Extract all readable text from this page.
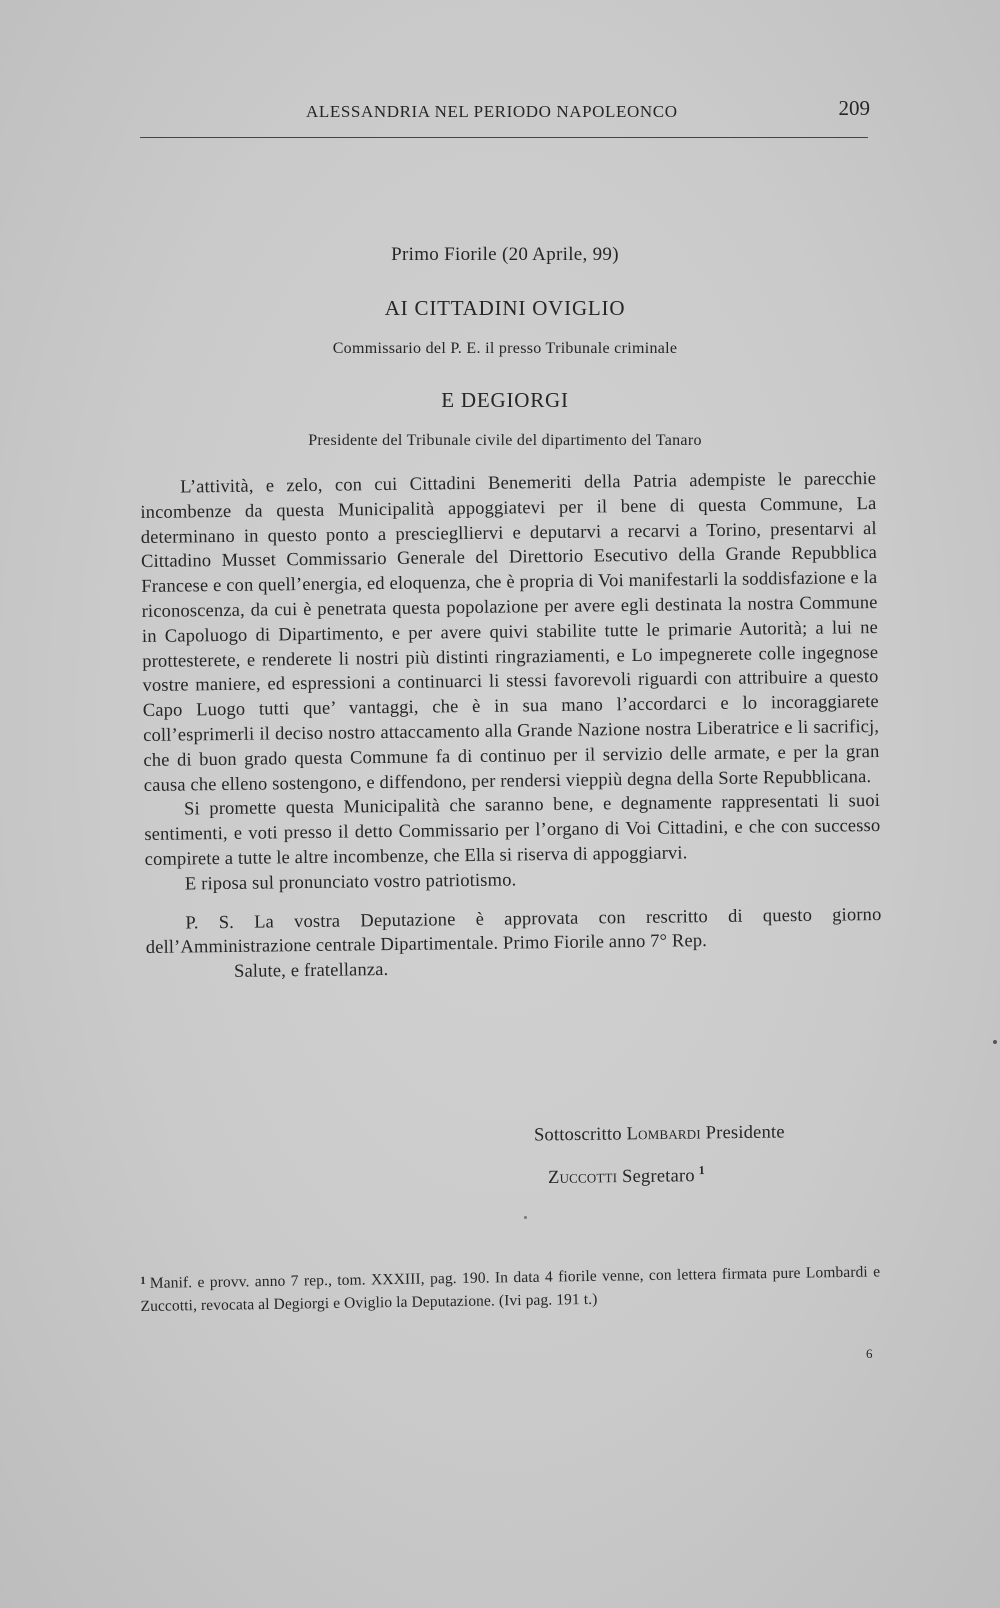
ALESSANDRIA NEL PERIODO NAPOLEONCO	209
Primo Fiorile (20 Aprile, 99)
AI CITTADINI OVIGLIO
Commissario del P. E. il presso Tribunale criminale
E DEGIORGI
Presidente del Tribunale civile del dipartimento del Tanaro

L’attività, e zelo, con cui Cittadini Benemeriti della Patria adempiste le parecchie incombenze da questa Municipalità appoggiatevi per il bene di questa Commune, La determinano in questo ponto a prescieglliervi e deputarvi a recarvi a Torino, presentarvi al Cittadino Musset Commissario Generale del Direttorio Esecutivo della Grande Repubblica Francese e con quell’energia, ed eloquenza, che è propria di Voi manifestarli la soddisfazione e la riconoscenza, da cui è penetrata questa popolazione per avere egli destinata la nostra Commune in Capoluogo di Dipartimento, e per avere quivi stabilite tutte le primarie Autorità; a lui ne prottesterete, e renderete li nostri più distinti ringraziamenti, e Lo impegnerete colle ingegnose vostre maniere, ed espressioni a continuarci li stessi favorevoli riguardi con attribuire a questo Capo Luogo tutti que’ vantaggi, che è in sua mano l’accordarci e lo incoraggiarete coll’esprimerli il deciso nostro attaccamento alla Grande Nazione nostra Liberatrice e li sacrificj, che di buon grado questa Commune fa di continuo per il servizio delle armate, e per la gran causa che elleno sostengono, e diffendono, per rendersi vieppiù degna della Sorte Repubblicana.

Si promette questa Municipalità che saranno bene, e degnamente rappresentati li suoi sentimenti, e voti presso il detto Commissario per l’organo di Voi Cittadini, e che con successo compirete a tutte le altre incombenze, che Ella si riserva di appoggiarvi.

E riposa sul pronunciato vostro patriotismo.

P. S. La vostra Deputazione è approvata con rescritto di questo giorno dell’Amministrazione centrale Dipartimentale. Primo Fiorile anno 7° Rep.

Salute, e fratellanza.

Sottoscritto Lombardi Presidente
Zuccotti Segretaro $^1$

$^1$ Manif. e provv. anno 7 rep., tom. XXXIII, pag. 190. In data 4 fiorile venne, con lettera firmata pure Lombardi e Zuccotti, revocata al Degiorgi e Oviglio la Deputazione. (Ivi pag. 191 t.)

6
